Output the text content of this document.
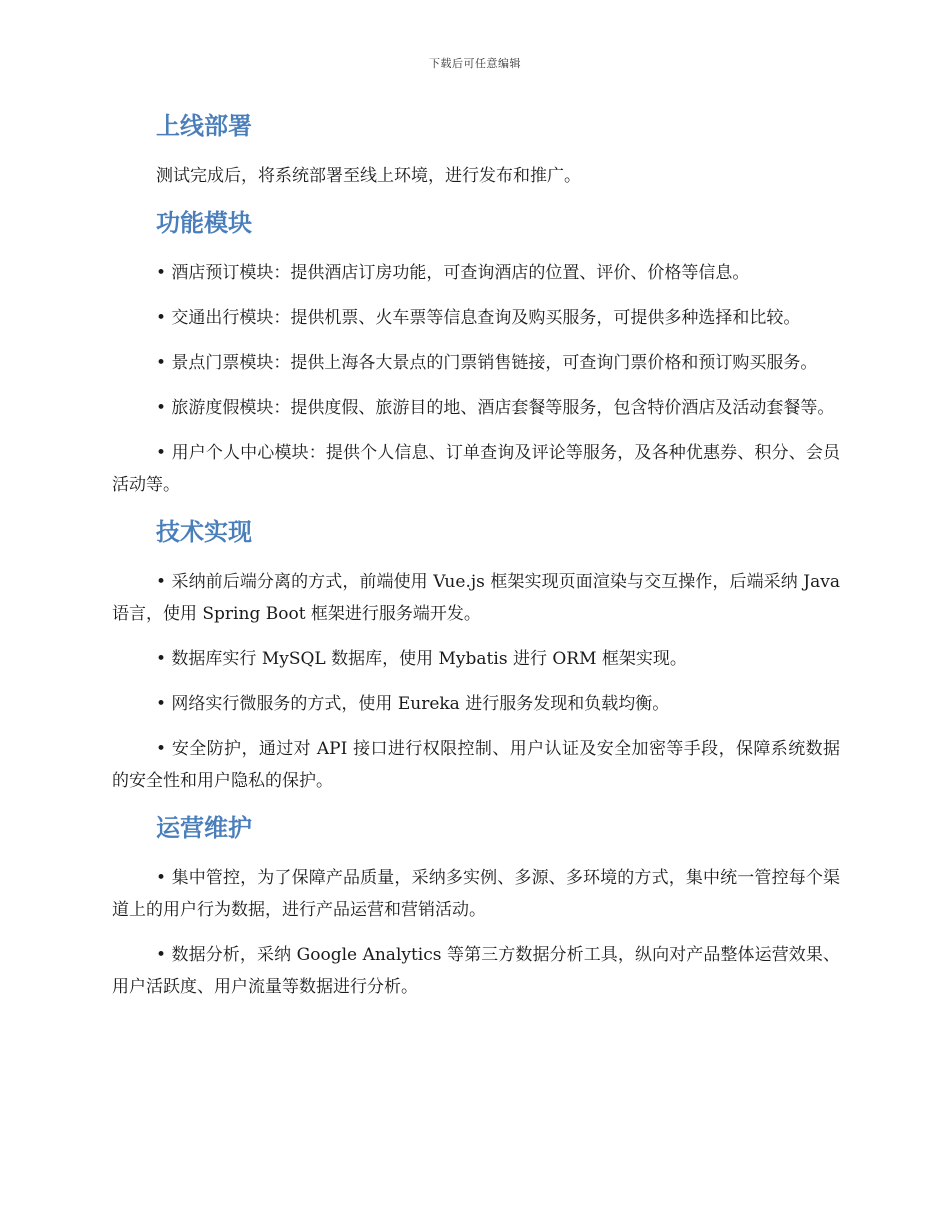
下载后可任意编辑
上线部署

测试完成后，将系统部署至线上环境，进行发布和推广。

功能模块

• 酒店预订模块：提供酒店订房功能，可查询酒店的位置、评价、价格等信息。

• 交通出行模块：提供机票、火车票等信息查询及购买服务，可提供多种选择和比较。

• 景点门票模块：提供上海各大景点的门票销售链接，可查询门票价格和预订购买服务。

• 旅游度假模块：提供度假、旅游目的地、酒店套餐等服务，包含特价酒店及活动套餐等。

• 用户个人中心模块：提供个人信息、订单查询及评论等服务，及各种优惠券、积分、会员活动等。

技术实现

• 采纳前后端分离的方式，前端使用 Vue.js 框架实现页面渲染与交互操作，后端采纳 Java 语言，使用 Spring Boot 框架进行服务端开发。

• 数据库实行 MySQL 数据库，使用 Mybatis 进行 ORM 框架实现。

• 网络实行微服务的方式，使用 Eureka 进行服务发现和负载均衡。

• 安全防护，通过对 API 接口进行权限控制、用户认证及安全加密等手段，保障系统数据的安全性和用户隐私的保护。

运营维护

• 集中管控，为了保障产品质量，采纳多实例、多源、多环境的方式，集中统一管控每个渠道上的用户行为数据，进行产品运营和营销活动。

• 数据分析，采纳 Google Analytics 等第三方数据分析工具，纵向对产品整体运营效果、用户活跃度、用户流量等数据进行分析。
